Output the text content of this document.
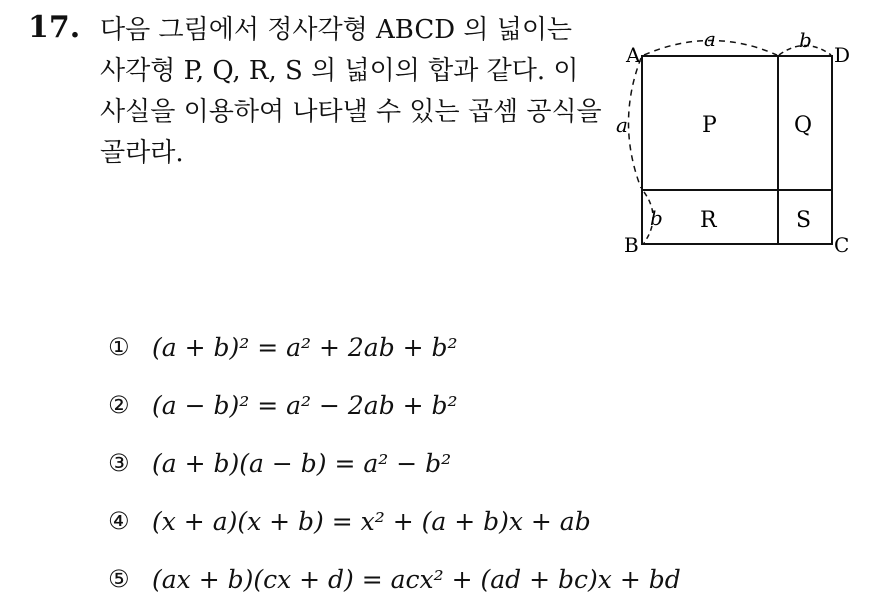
17. 다음 그림에서 정사각형 ABCD 의 넓이는
사각형 P, Q, R, S 의 넓이의 합과 같다. 이
사실을 이용하여 나타낼 수 있는 곱셈 공식을
골라라.
A	D
B	C
a	b
a
b
P	Q
R	S
① (a + b)² = a² + 2ab + b²
② (a − b)² = a² − 2ab + b²
③ (a + b)(a − b) = a² − b²
④ (x + a)(x + b) = x² + (a + b)x + ab
⑤ (ax + b)(cx + d) = acx² + (ad + bc)x + bd
